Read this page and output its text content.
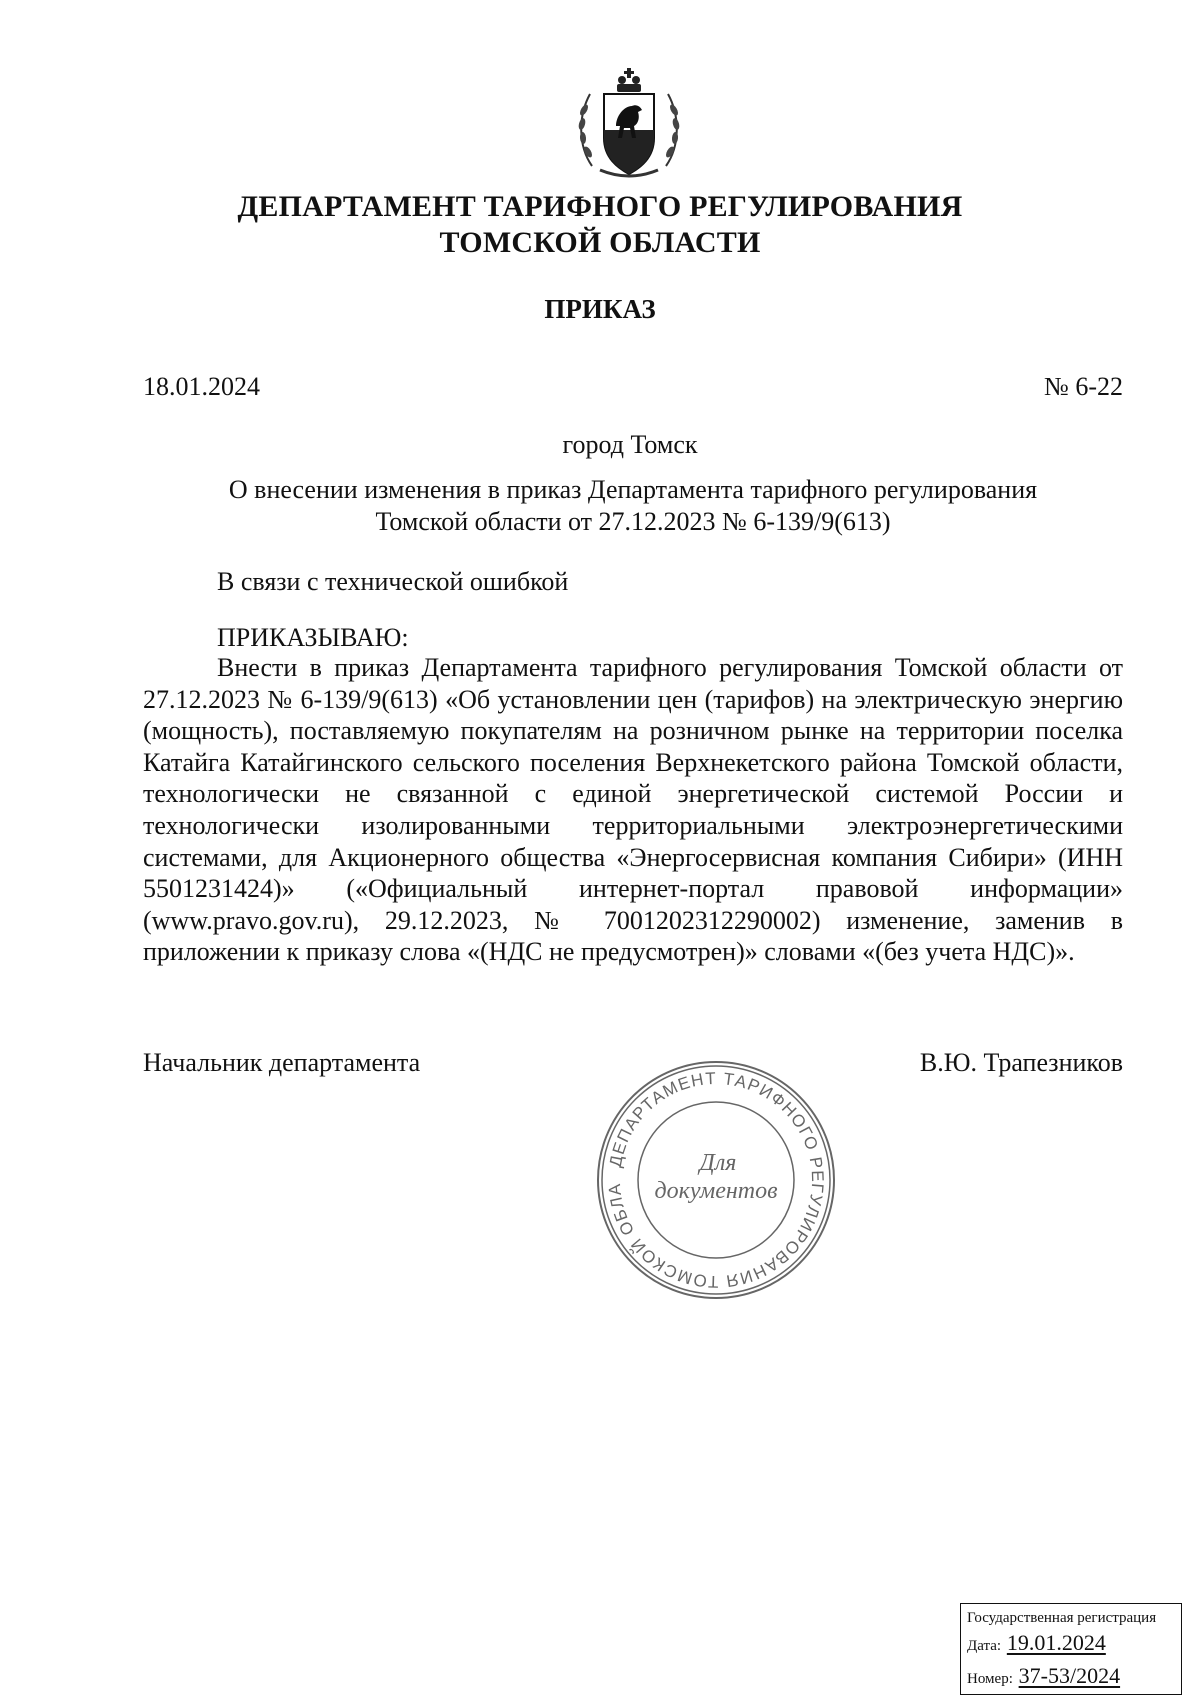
ДЕПАРТАМЕНТ ТАРИФНОГО РЕГУЛИРОВАНИЯ
ТОМСКОЙ ОБЛАСТИ
ПРИКАЗ
18.01.2024	№ 6-22
город Томск
О внесении изменения в приказ Департамента тарифного регулирования
Томской области от 27.12.2023 № 6-139/9(613)
В связи с технической ошибкой
ПРИКАЗЫВАЮ:

Внести в приказ Департамента тарифного регулирования Томской области от 27.12.2023 № 6-139/9(613) «Об установлении цен (тарифов) на электрическую энергию (мощность), поставляемую покупателям на розничном рынке на территории поселка Катайга Катайгинского сельского поселения Верхнекетского района Томской области, технологически не связанной с единой энергетической системой России и технологически изолированными территориальными электроэнергетическими системами, для Акционерного общества «Энергосервисная компания Сибири» (ИНН 5501231424)» («Официальный интернет-портал правовой информации» (www.pravo.gov.ru), 29.12.2023, № 7001202312290002) изменение, заменив в приложении к приказу слова «(НДС не предусмотрен)» словами «(без учета НДС)».

Начальник департамента	В.Ю. Трапезников
ДЕПАРТАМЕНТ ТАРИФНОГО РЕГУЛИРОВАНИЯ ТОМСКОЙ ОБЛА
Для
документов
Государственная регистрация
Дата: 19.01.2024
Номер: 37-53/2024
